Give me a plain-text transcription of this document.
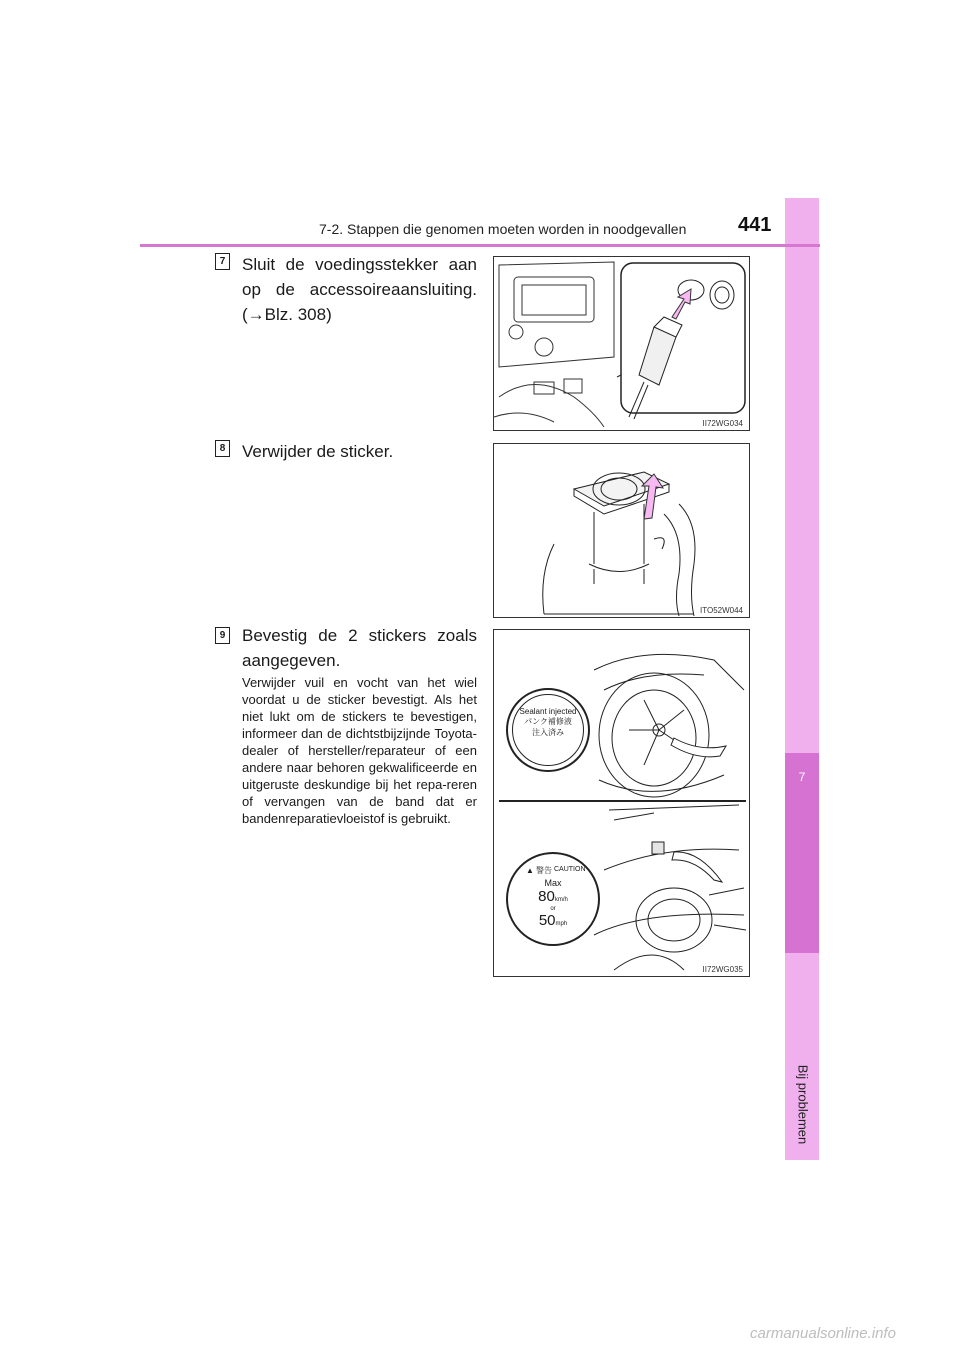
7
Bij problemen
7-2. Stappen die genomen moeten worden in noodgevallen	441
7 Sluit de voedingsstekker aan op de accessoireaansluiting. (→Blz. 308)
II72WG034
8 Verwijder de sticker.
ITO52W044
9 Bevestig de 2 stickers zoals aangegeven.
Verwijder vuil en vocht van het wiel voordat u de sticker bevestigt. Als het niet lukt om de stickers te bevestigen, informeer dan de dichtstbijzijnde Toyota-dealer of hersteller/reparateur of een andere naar behoren gekwalificeerde en uitgeruste deskundige bij het repa-reren of vervangen van de band dat er bandenreparatievloeistof is gebruikt.
Sealant injected
パンク補修液
注入済み
▲ 警告 CAUTION
Max
80km/h
or
50mph
II72WG035
carmanualsonline.info
